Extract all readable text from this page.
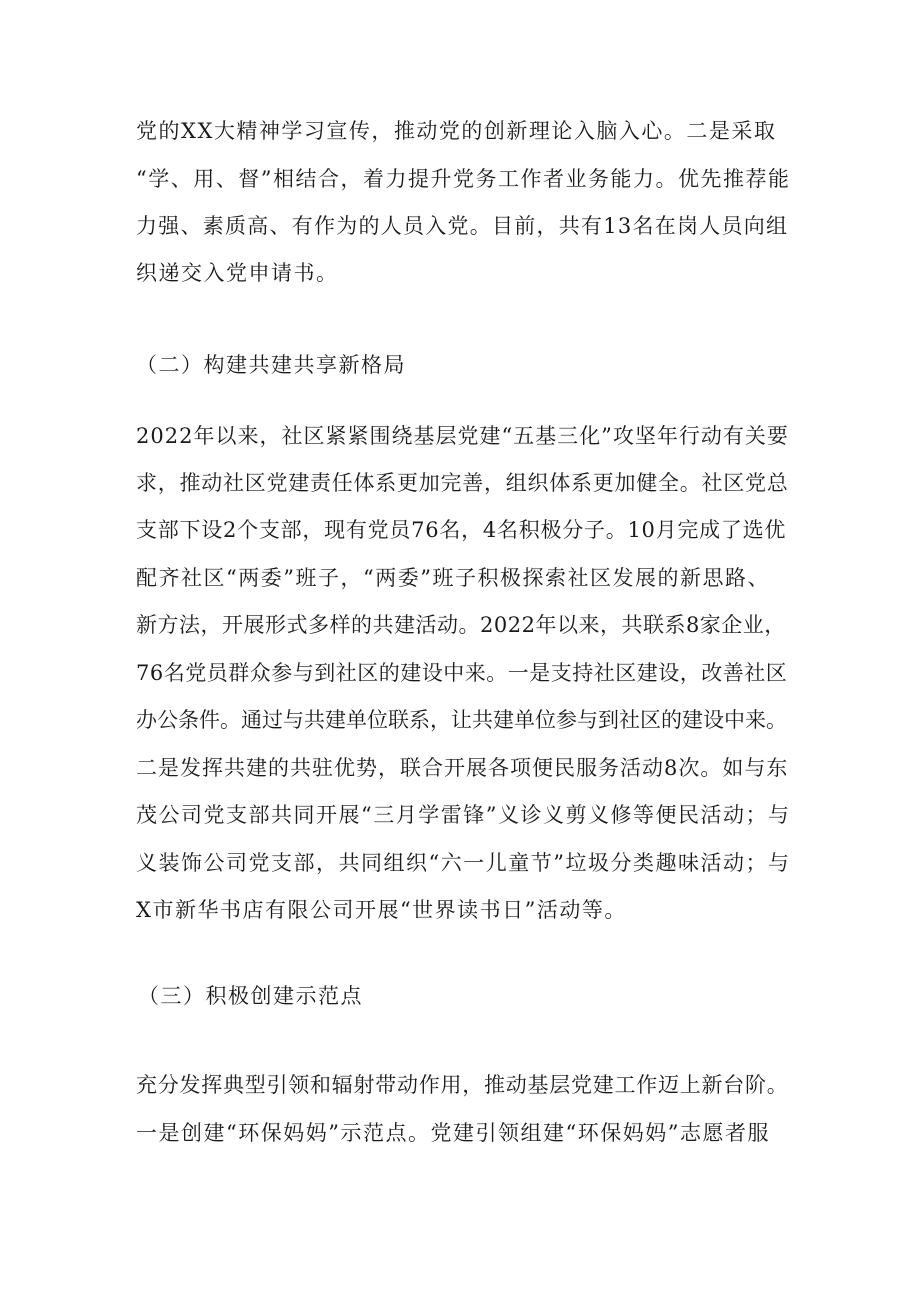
党的XX大精神学习宣传，推动党的创新理论入脑入心。二是采取
“学、用、督”相结合，着力提升党务工作者业务能力。优先推荐能
力强、素质高、有作为的人员入党。目前，共有13名在岗人员向组
织递交入党申请书。
（二）构建共建共享新格局
2022年以来，社区紧紧围绕基层党建“五基三化”攻坚年行动有关要
求，推动社区党建责任体系更加完善，组织体系更加健全。社区党总
支部下设2个支部，现有党员76名，4名积极分子。10月完成了选优
配齐社区“两委”班子，“两委”班子积极探索社区发展的新思路、
新方法，开展形式多样的共建活动。2022年以来，共联系8家企业，
76名党员群众参与到社区的建设中来。一是支持社区建设，改善社区
办公条件。通过与共建单位联系，让共建单位参与到社区的建设中来。
二是发挥共建的共驻优势，联合开展各项便民服务活动8次。如与东
茂公司党支部共同开展“三月学雷锋”义诊义剪义修等便民活动；与
义装饰公司党支部，共同组织“六一儿童节”垃圾分类趣味活动；与
X市新华书店有限公司开展“世界读书日”活动等。
（三）积极创建示范点
充分发挥典型引领和辐射带动作用，推动基层党建工作迈上新台阶。
一是创建“环保妈妈”示范点。党建引领组建“环保妈妈”志愿者服
